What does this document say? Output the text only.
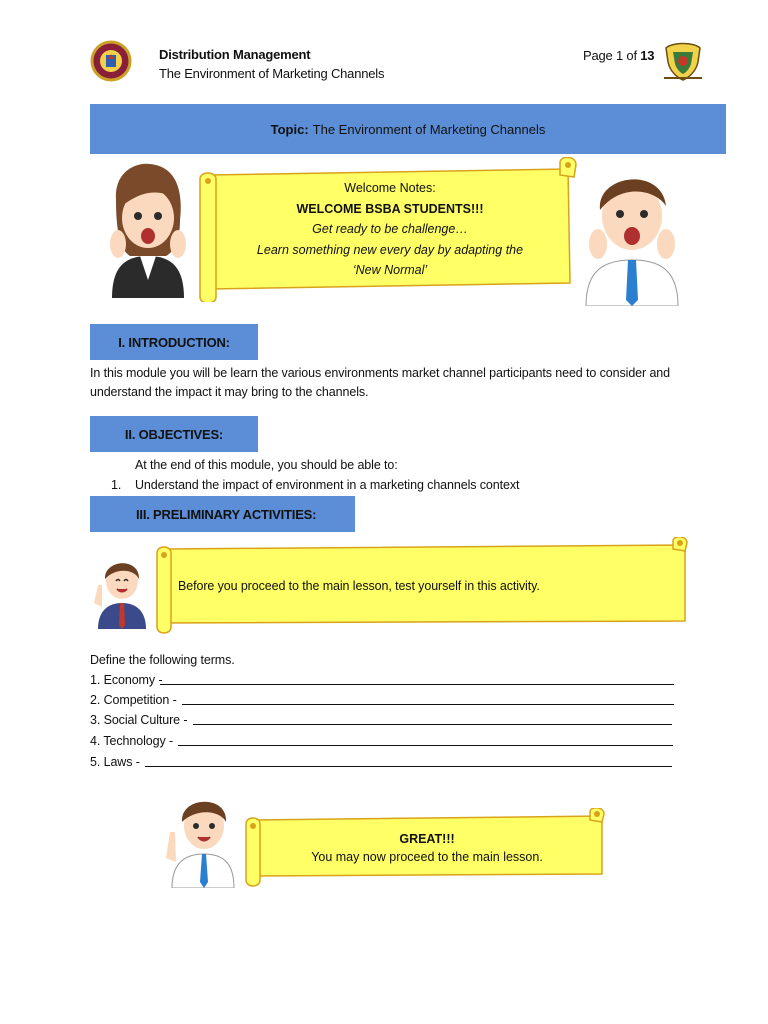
Distribution Management
The Environment of Marketing Channels
Page 1 of 13
Topic: The Environment of Marketing Channels
Welcome Notes:
WELCOME BSBA STUDENTS!!!
Get ready to be challenge…
Learn something new every day by adapting the
‘New Normal’
I. INTRODUCTION:
In this module you will be learn the various environments market channel participants need to consider and understand the impact it may bring to the channels.
II. OBJECTIVES:
At the end of this module, you should be able to:
1. Understand the impact of environment in a marketing channels context
III. PRELIMINARY ACTIVITIES:
Before you proceed to the main lesson, test yourself in this activity.
Define the following terms.
1. Economy -
2. Competition -
3. Social Culture -
4. Technology -
5. Laws -
GREAT!!!
You may now proceed to the main lesson.
